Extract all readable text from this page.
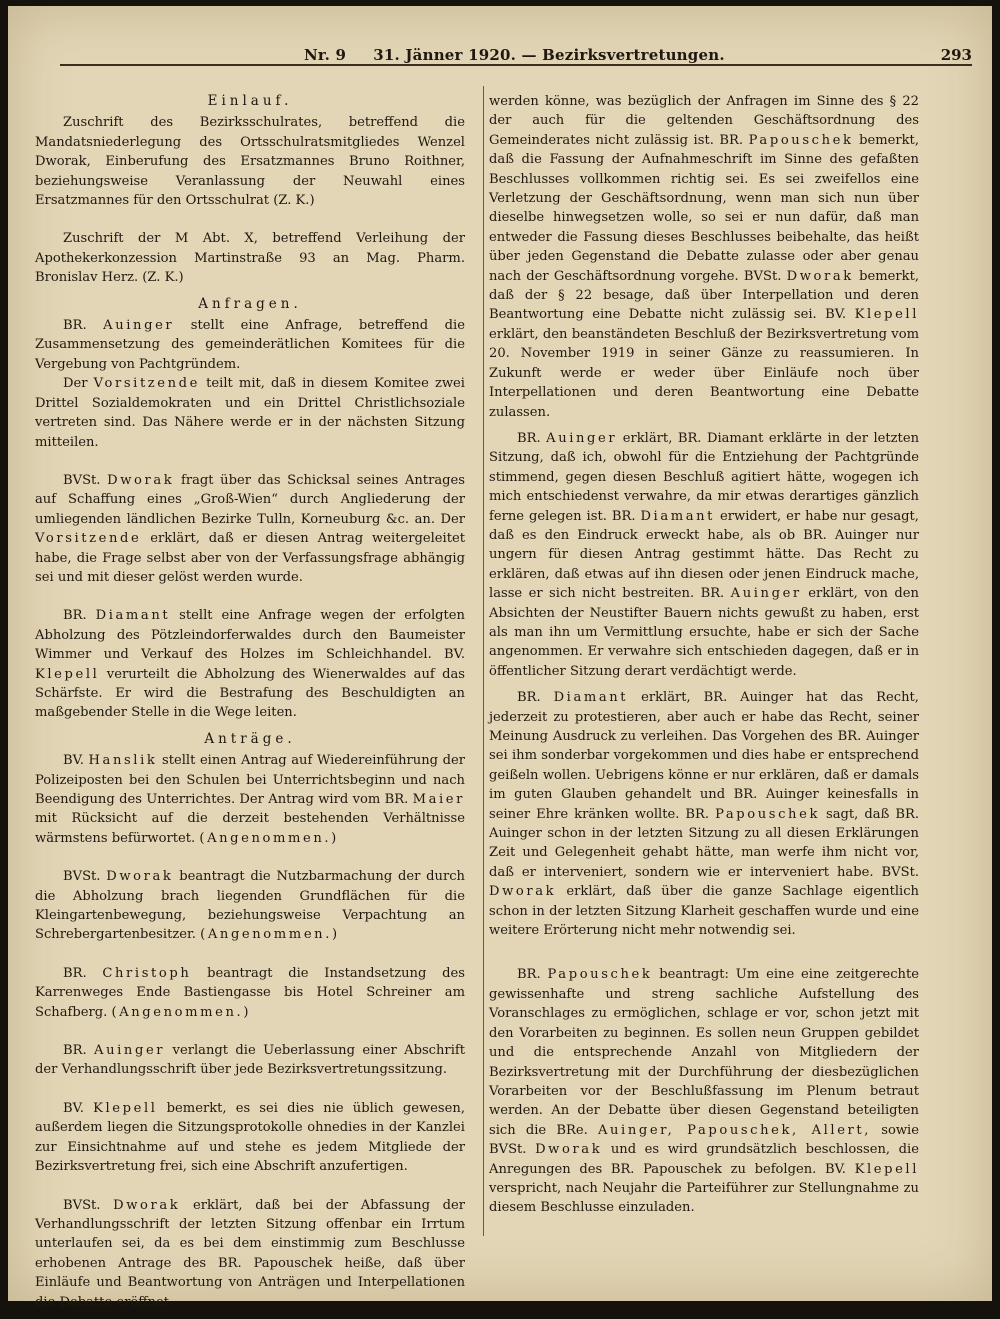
Nr. 9 31. Jänner 1920. — Bezirksvertretungen.	293
Einlauf.

Zuschrift des Bezirksschulrates, betreffend die Mandatsniederlegung des Ortsschulratsmitgliedes Wenzel Dworak, Einberufung des Ersatzmannes Bruno Roithner, beziehungsweise Veranlassung der Neuwahl eines Ersatzmannes für den Ortsschulrat (Z. K.)

Zuschrift der M Abt. X, betreffend Verleihung der Apothekerkonzession Martinstraße 93 an Mag. Pharm. Bronislav Herz. (Z. K.)

Anfragen.

BR. Auinger stellt eine Anfrage, betreffend die Zusammensetzung des gemeinderätlichen Komitees für die Vergebung von Pachtgründem.

Der Vorsitzende teilt mit, daß in diesem Komitee zwei Drittel Sozialdemokraten und ein Drittel Christlichsoziale vertreten sind. Das Nähere werde er in der nächsten Sitzung mitteilen.

BVSt. Dworak fragt über das Schicksal seines Antrages auf Schaffung eines „Groß-Wien“ durch Angliederung der umliegenden ländlichen Bezirke Tulln, Korneuburg &c. an. Der Vorsitzende erklärt, daß er diesen Antrag weitergeleitet habe, die Frage selbst aber von der Verfassungsfrage abhängig sei und mit dieser gelöst werden wurde.

BR. Diamant stellt eine Anfrage wegen der erfolgten Abholzung des Pötzleindorferwaldes durch den Baumeister Wimmer und Verkauf des Holzes im Schleichhandel. BV. Klepell verurteilt die Abholzung des Wienerwaldes auf das Schärfste. Er wird die Bestrafung des Beschuldigten an maßgebender Stelle in die Wege leiten.

Anträge.

BV. Hanslik stellt einen Antrag auf Wiedereinführung der Polizeiposten bei den Schulen bei Unterrichtsbeginn und nach Beendigung des Unterrichtes. Der Antrag wird vom BR. Maier mit Rücksicht auf die derzeit bestehenden Verhältnisse wärmstens befürwortet. (Angenommen.)

BVSt. Dworak beantragt die Nutzbarmachung der durch die Abholzung brach liegenden Grundflächen für die Kleingartenbewegung, beziehungsweise Verpachtung an Schrebergartenbesitzer. (Angenommen.)

BR. Christoph beantragt die Instandsetzung des Karrenweges Ende Bastiengasse bis Hotel Schreiner am Schafberg. (Angenommen.)

BR. Auinger verlangt die Ueberlassung einer Abschrift der Verhandlungsschrift über jede Bezirksvertretungssitzung.

BV. Klepell bemerkt, es sei dies nie üblich gewesen, außerdem liegen die Sitzungsprotokolle ohnedies in der Kanzlei zur Einsichtnahme auf und stehe es jedem Mitgliede der Bezirksvertretung frei, sich eine Abschrift anzufertigen.

BVSt. Dworak erklärt, daß bei der Abfassung der Verhandlungsschrift der letzten Sitzung offenbar ein Irrtum unterlaufen sei, da es bei dem einstimmig zum Beschlusse erhobenen Antrage des BR. Papouschek heiße, daß über Einläufe und Beantwortung von Anträgen und Interpellationen die Debatte eröffnet

werden könne, was bezüglich der Anfragen im Sinne des § 22 der auch für die geltenden Geschäftsordnung des Gemeinderates nicht zulässig ist. BR. Papouschek bemerkt, daß die Fassung der Aufnahmeschrift im Sinne des gefaßten Beschlusses vollkommen richtig sei. Es sei zweifellos eine Verletzung der Geschäftsordnung, wenn man sich nun über dieselbe hinwegsetzen wolle, so sei er nun dafür, daß man entweder die Fassung dieses Beschlusses beibehalte, das heißt über jeden Gegenstand die Debatte zulasse oder aber genau nach der Geschäftsordnung vorgehe. BVSt. Dworak bemerkt, daß der § 22 besage, daß über Interpellation und deren Beantwortung eine Debatte nicht zulässig sei. BV. Klepell erklärt, den beanständeten Beschluß der Bezirksvertretung vom 20. November 1919 in seiner Gänze zu reassumieren. In Zukunft werde er weder über Einläufe noch über Interpellationen und deren Beantwortung eine Debatte zulassen.

BR. Auinger erklärt, BR. Diamant erklärte in der letzten Sitzung, daß ich, obwohl für die Entziehung der Pachtgründe stimmend, gegen diesen Beschluß agitiert hätte, wogegen ich mich entschiedenst verwahre, da mir etwas derartiges gänzlich ferne gelegen ist. BR. Diamant erwidert, er habe nur gesagt, daß es den Eindruck erweckt habe, als ob BR. Auinger nur ungern für diesen Antrag gestimmt hätte. Das Recht zu erklären, daß etwas auf ihn diesen oder jenen Eindruck mache, lasse er sich nicht bestreiten. BR. Auinger erklärt, von den Absichten der Neustifter Bauern nichts gewußt zu haben, erst als man ihn um Vermittlung ersuchte, habe er sich der Sache angenommen. Er verwahre sich entschieden dagegen, daß er in öffentlicher Sitzung derart verdächtigt werde.

BR. Diamant erklärt, BR. Auinger hat das Recht, jederzeit zu protestieren, aber auch er habe das Recht, seiner Meinung Ausdruck zu verleihen. Das Vorgehen des BR. Auinger sei ihm sonderbar vorgekommen und dies habe er entsprechend geißeln wollen. Uebrigens könne er nur erklären, daß er damals im guten Glauben gehandelt und BR. Auinger keinesfalls in seiner Ehre kränken wollte. BR. Papouschek sagt, daß BR. Auinger schon in der letzten Sitzung zu all diesen Erklärungen Zeit und Gelegenheit gehabt hätte, man werfe ihm nicht vor, daß er interveniert, sondern wie er interveniert habe. BVSt. Dworak erklärt, daß über die ganze Sachlage eigentlich schon in der letzten Sitzung Klarheit geschaffen wurde und eine weitere Erörterung nicht mehr notwendig sei.

BR. Papouschek beantragt: Um eine eine zeitgerechte gewissenhafte und streng sachliche Aufstellung des Voranschlages zu ermöglichen, schlage er vor, schon jetzt mit den Vorarbeiten zu beginnen. Es sollen neun Gruppen gebildet und die entsprechende Anzahl von Mitgliedern der Bezirksvertretung mit der Durchführung der diesbezüglichen Vorarbeiten vor der Beschlußfassung im Plenum betraut werden. An der Debatte über diesen Gegenstand beteiligten sich die BRe. Auinger, Papouschek, Allert, sowie BVSt. Dworak und es wird grundsätzlich beschlossen, die Anregungen des BR. Papouschek zu befolgen. BV. Klepell verspricht, nach Neujahr die Parteiführer zur Stellungnahme zu diesem Beschlusse einzuladen.
